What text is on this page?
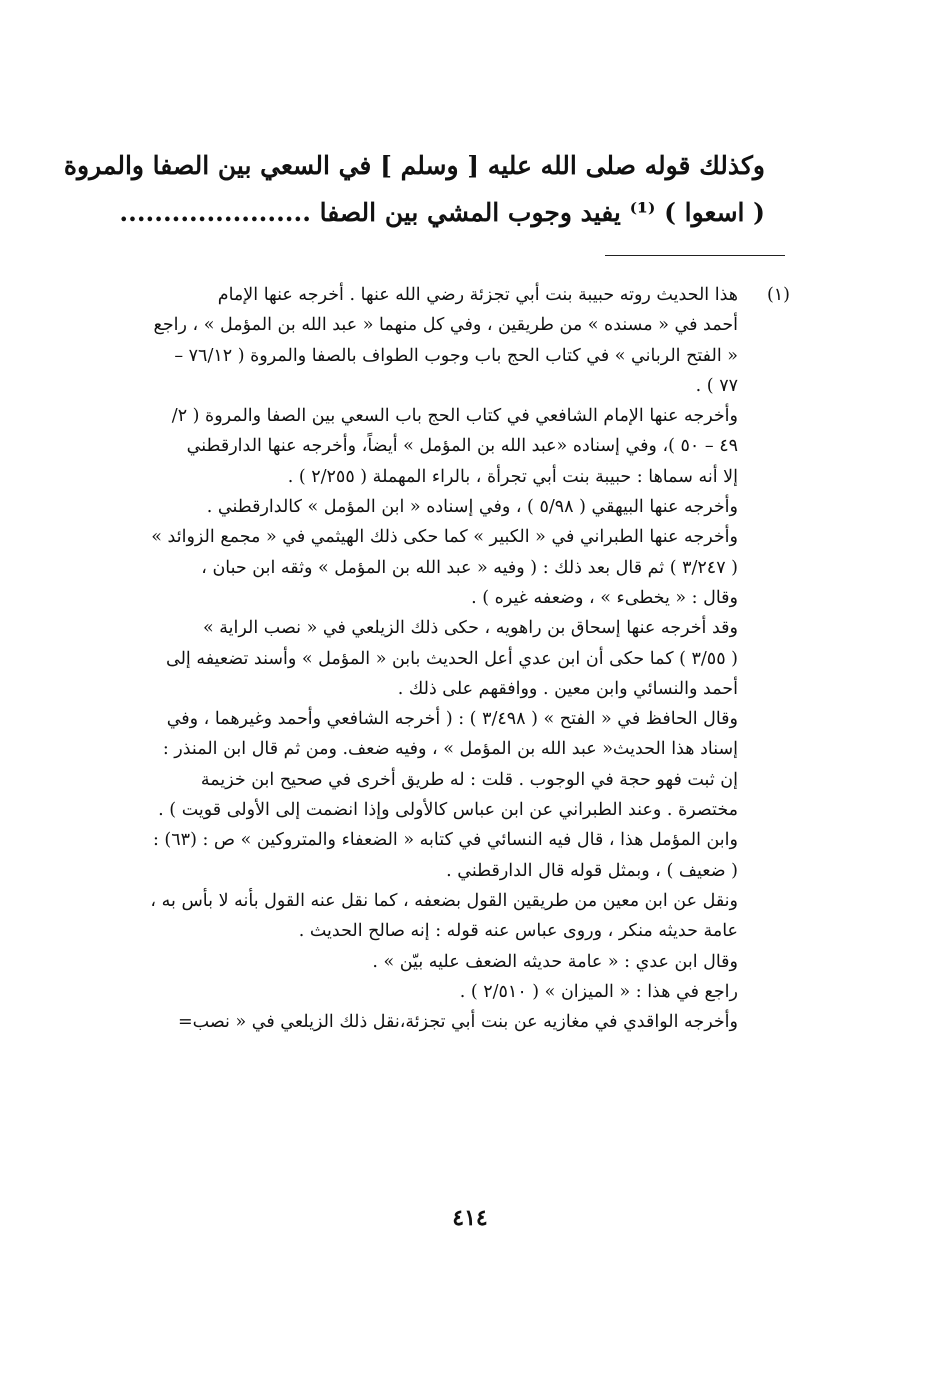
وكذلك قوله صلى الله عليه [ وسلم ] في السعي بين الصفا والمروة
( اسعوا ) ⁽¹⁾ يفيد وجوب المشي بين الصفا ......................
(١)
هذا الحديث روته حبيبة بنت أبي تجزئة رضي الله عنها . أخرجه عنها الإمام
أحمد في « مسنده » من طريقين ، وفي كل منهما « عبد الله بن المؤمل » ، راجع
« الفتح الرباني » في كتاب الحج باب وجوب الطواف بالصفا والمروة ( ٧٦/١٢ –
٧٧ ) .
وأخرجه عنها الإمام الشافعي في كتاب الحج باب السعي بين الصفا والمروة ( ٢/
٤٩ – ٥٠ )، وفي إسناده «عبد الله بن المؤمل » أيضاً، وأخرجه عنها الدارقطني
إلا أنه سماها : حبيبة بنت أبي تجرأة ، بالراء المهملة ( ٢/٢٥٥ ) .
وأخرجه عنها البيهقي ( ٥/٩٨ ) ، وفي إسناده « ابن المؤمل » كالدارقطني .
وأخرجه عنها الطبراني في « الكبير » كما حكى ذلك الهيثمي في « مجمع الزوائد »
( ٣/٢٤٧ ) ثم قال بعد ذلك : ( وفيه « عبد الله بن المؤمل » وثقه ابن حبان ،
وقال : « يخطىء » ، وضعفه غيره ) .
وقد أخرجه عنها إسحاق بن راهويه ، حكى ذلك الزيلعي في « نصب الراية »
( ٣/٥٥ ) كما حكى أن ابن عدي أعل الحديث بابن « المؤمل » وأسند تضعيفه إلى
أحمد والنسائي وابن معين . ووافقهم على ذلك .
وقال الحافظ في « الفتح » ( ٣/٤٩٨ ) : ( أخرجه الشافعي وأحمد وغيرهما ، وفي
إسناد هذا الحديث« عبد الله بن المؤمل » ، وفيه ضعف. ومن ثم قال ابن المنذر :
إن ثبت فهو حجة في الوجوب . قلت : له طريق أخرى في صحيح ابن خزيمة
مختصرة . وعند الطبراني عن ابن عباس كالأولى وإذا انضمت إلى الأولى قويت ) .
وابن المؤمل هذا ، قال فيه النسائي في كتابه « الضعفاء والمتروكين » ص : (٦٣) :
( ضعيف ) ، وبمثل قوله قال الدارقطني .
ونقل عن ابن معين من طريقين القول بضعفه ، كما نقل عنه القول بأنه لا بأس به ،
عامة حديثه منكر ، وروى عباس عنه قوله : إنه صالح الحديث .
وقال ابن عدي : « عامة حديثه الضعف عليه بيّن » .
راجع في هذا : « الميزان » ( ٢/٥١٠ ) .
وأخرجه الواقدي في مغازيه عن بنت أبي تجزئة،نقل ذلك الزيلعي في « نصب=
٤١٤
